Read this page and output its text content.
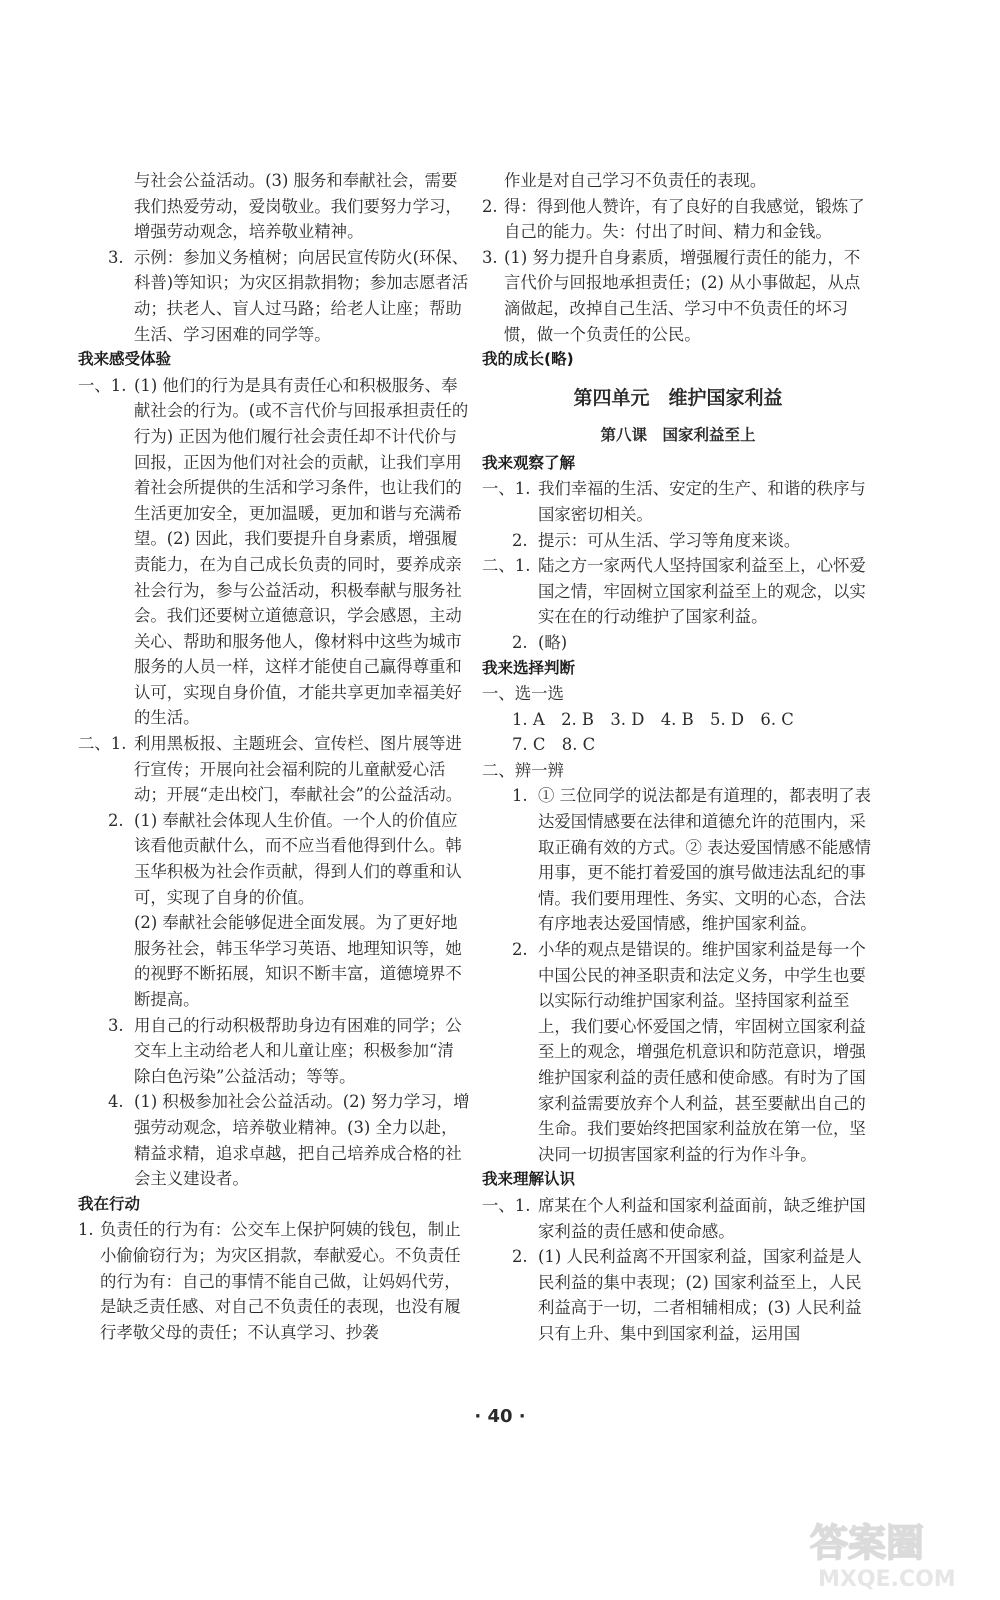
与社会公益活动。(3) 服务和奉献社会，需要我们热爱劳动，爱岗敬业。我们要努力学习，增强劳动观念，培养敬业精神。
3. 示例：参加义务植树；向居民宣传防火(环保、科普)等知识；为灾区捐款捐物；参加志愿者活动；扶老人、盲人过马路；给老人让座；帮助生活、学习困难的同学等。
我来感受体验
一、1. (1) 他们的行为是具有责任心和积极服务、奉献社会的行为。(或不言代价与回报承担责任的行为) 正因为他们履行社会责任却不计代价与回报，正因为他们对社会的贡献，让我们享用着社会所提供的生活和学习条件，也让我们的生活更加安全，更加温暖，更加和谐与充满希望。(2) 因此，我们要提升自身素质，增强履责能力，在为自己成长负责的同时，要养成亲社会行为，参与公益活动，积极奉献与服务社会。我们还要树立道德意识，学会感恩，主动关心、帮助和服务他人，像材料中这些为城市服务的人员一样，这样才能使自己赢得尊重和认可，实现自身价值，才能共享更加幸福美好的生活。
二、1. 利用黑板报、主题班会、宣传栏、图片展等进行宣传；开展向社会福利院的儿童献爱心活动；开展“走出校门，奉献社会”的公益活动。
2. (1) 奉献社会体现人生价值。一个人的价值应该看他贡献什么，而不应当看他得到什么。韩玉华积极为社会作贡献，得到人们的尊重和认可，实现了自身的价值。
(2) 奉献社会能够促进全面发展。为了更好地服务社会，韩玉华学习英语、地理知识等，她的视野不断拓展，知识不断丰富，道德境界不断提高。
3. 用自己的行动积极帮助身边有困难的同学；公交车上主动给老人和儿童让座；积极参加“清除白色污染”公益活动；等等。
4. (1) 积极参加社会公益活动。(2) 努力学习，增强劳动观念，培养敬业精神。(3) 全力以赴，精益求精，追求卓越，把自己培养成合格的社会主义建设者。
我在行动
1. 负责任的行为有：公交车上保护阿姨的钱包，制止小偷偷窃行为；为灾区捐款，奉献爱心。不负责任的行为有：自己的事情不能自己做，让妈妈代劳，是缺乏责任感、对自己不负责任的表现，也没有履行孝敬父母的责任；不认真学习、抄袭
作业是对自己学习不负责任的表现。
2. 得：得到他人赞许，有了良好的自我感觉，锻炼了自己的能力。失：付出了时间、精力和金钱。
3. (1) 努力提升自身素质，增强履行责任的能力，不言代价与回报地承担责任；(2) 从小事做起，从点滴做起，改掉自己生活、学习中不负责任的坏习惯，做一个负责任的公民。
我的成长(略)
第四单元　维护国家利益
第八课　国家利益至上
我来观察了解
一、1. 我们幸福的生活、安定的生产、和谐的秩序与国家密切相关。
2. 提示：可从生活、学习等角度来谈。
二、1. 陆之方一家两代人坚持国家利益至上，心怀爱国之情，牢固树立国家利益至上的观念，以实实在在的行动维护了国家利益。
2. (略)
我来选择判断
一、选一选
1. A　2. B　3. D　4. B　5. D　6. C
7. C　8. C
二、辨一辨
1. ① 三位同学的说法都是有道理的，都表明了表达爱国情感要在法律和道德允许的范围内，采取正确有效的方式。② 表达爱国情感不能感情用事，更不能打着爱国的旗号做违法乱纪的事情。我们要用理性、务实、文明的心态，合法有序地表达爱国情感，维护国家利益。
2. 小华的观点是错误的。维护国家利益是每一个中国公民的神圣职责和法定义务，中学生也要以实际行动维护国家利益。坚持国家利益至上，我们要心怀爱国之情，牢固树立国家利益至上的观念，增强危机意识和防范意识，增强维护国家利益的责任感和使命感。有时为了国家利益需要放弃个人利益，甚至要献出自己的生命。我们要始终把国家利益放在第一位，坚决同一切损害国家利益的行为作斗争。
我来理解认识
一、1. 席某在个人利益和国家利益面前，缺乏维护国家利益的责任感和使命感。
2. (1) 人民利益离不开国家利益，国家利益是人民利益的集中表现；(2) 国家利益至上，人民利益高于一切，二者相辅相成；(3) 人民利益只有上升、集中到国家利益，运用国
· 40 ·
答案圈
MXQE.COM
